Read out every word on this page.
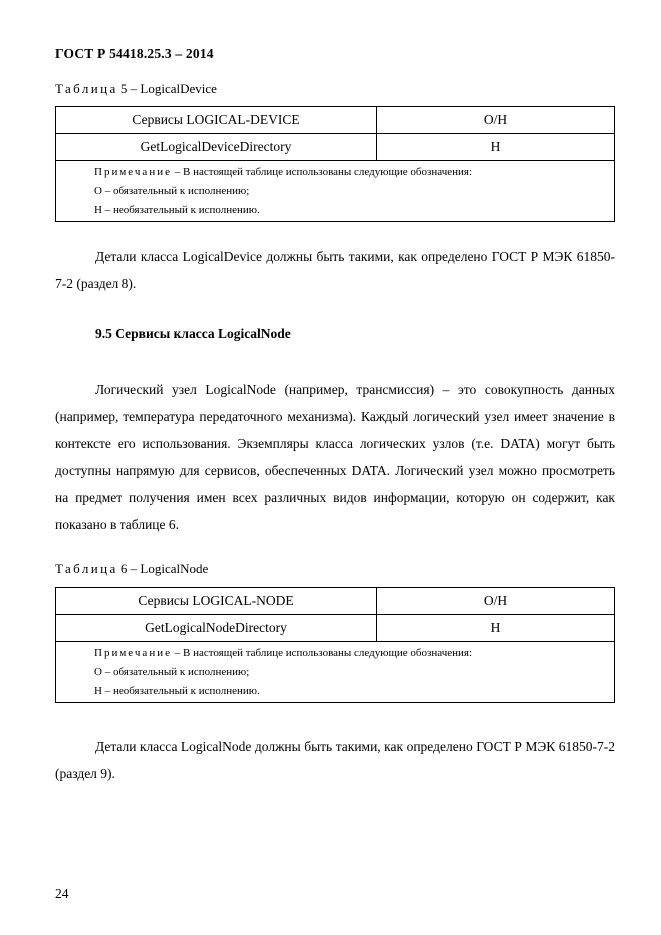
ГОСТ Р 54418.25.3 – 2014
Таблица 5 – LogicalDevice
Сервисы LOGICAL-DEVICE	О/Н
GetLogicalDeviceDirectory	Н

Примечание – В настоящей таблице использованы следующие обозначения:
О – обязательный к исполнению;
Н – необязательный к исполнению.	
Детали класса LogicalDevice должны быть такими, как определено ГОСТ Р МЭК 61850-7-2 (раздел 8).
9.5 Сервисы класса LogicalNode
Логический узел LogicalNode (например, трансмиссия) – это совокупность данных (например, температура передаточного механизма). Каждый логический узел имеет значение в контексте его использования. Экземпляры класса логических узлов (т.е. DATA) могут быть доступны напрямую для сервисов, обеспеченных DATA. Логический узел можно просмотреть на предмет получения имен всех различных видов информации, которую он содержит, как показано в таблице 6.
Таблица 6 – LogicalNode
Сервисы LOGICAL-NODE	О/Н
GetLogicalNodeDirectory	Н

Примечание – В настоящей таблице использованы следующие обозначения:
О – обязательный к исполнению;
Н – необязательный к исполнению.	
Детали класса LogicalNode должны быть такими, как определено ГОСТ Р МЭК 61850-7-2 (раздел 9).
24
